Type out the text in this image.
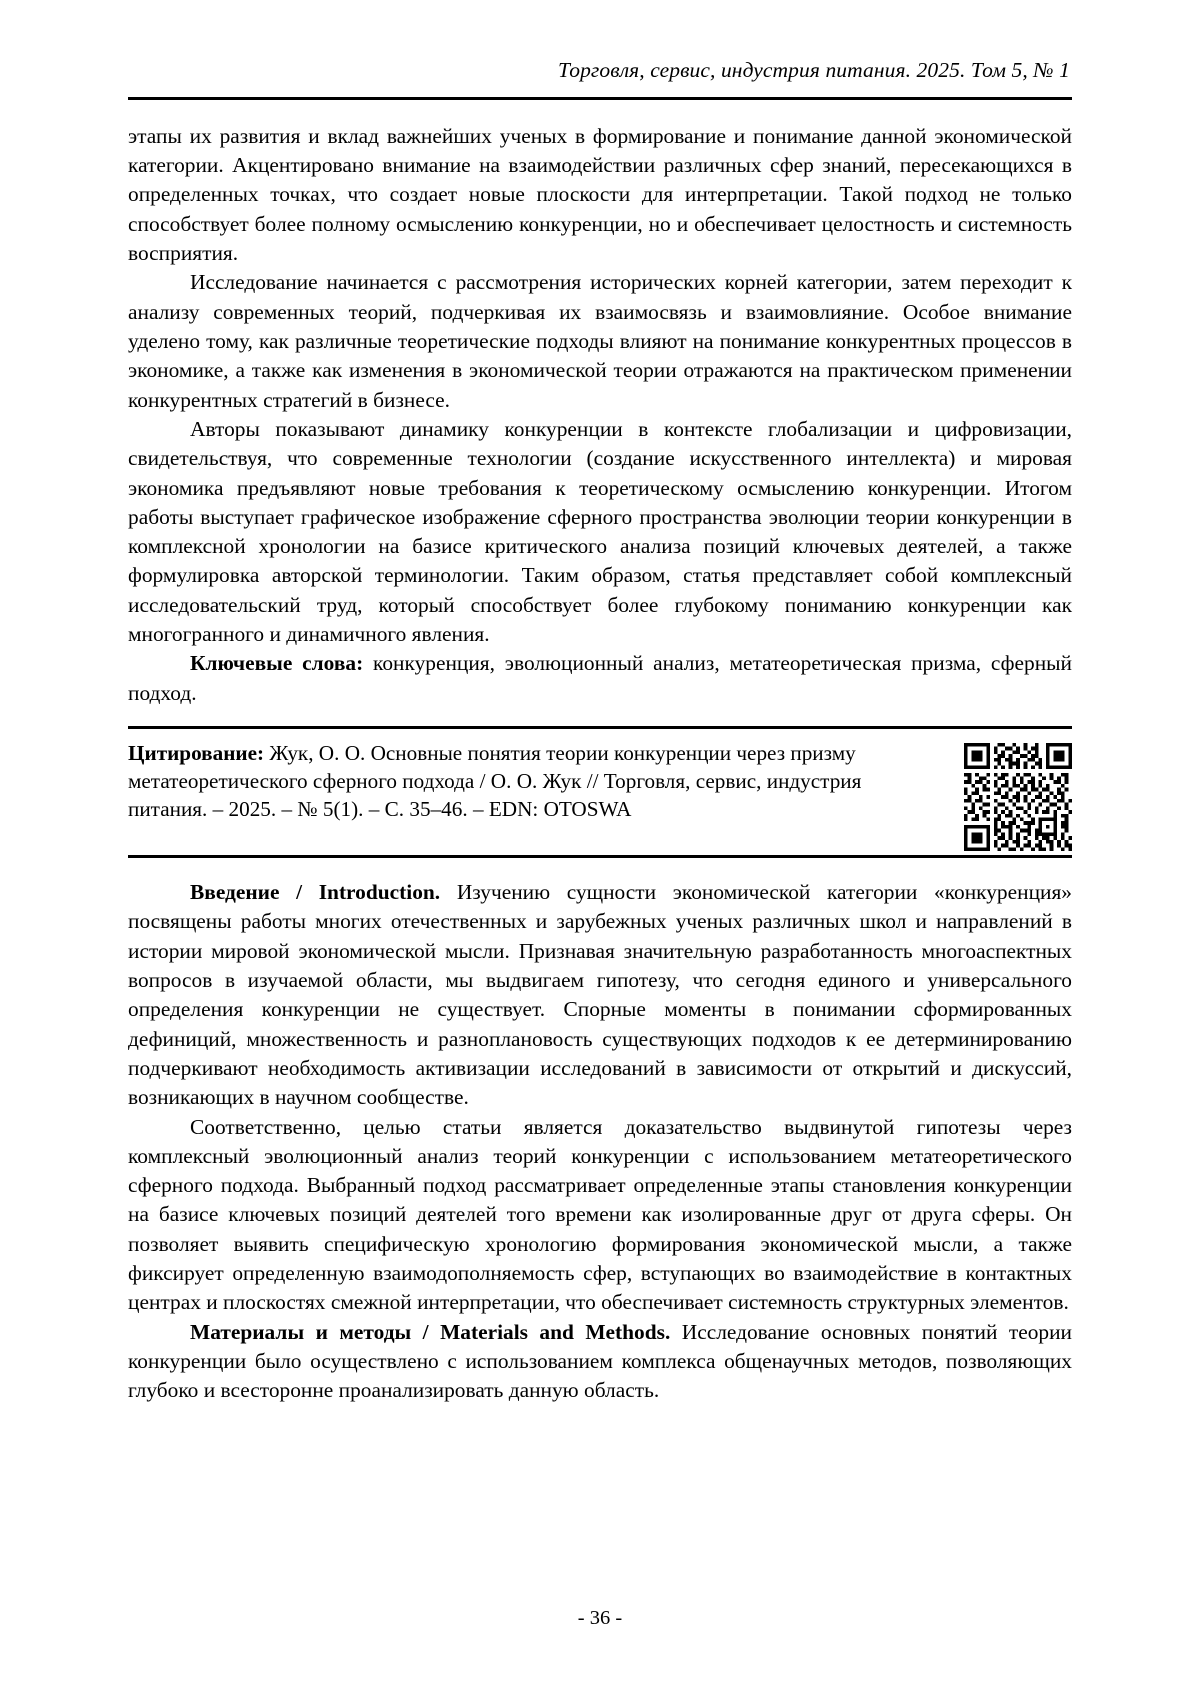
Торговля, сервис, индустрия питания. 2025. Том 5, № 1

этапы их развития и вклад важнейших ученых в формирование и понимание данной экономической категории. Акцентировано внимание на взаимодействии различных сфер знаний, пересекающихся в определенных точках, что создает новые плоскости для интерпретации. Такой подход не только способствует более полному осмыслению конкуренции, но и обеспечивает целостность и системность восприятия.

Исследование начинается с рассмотрения исторических корней категории, затем переходит к анализу современных теорий, подчеркивая их взаимосвязь и взаимовлияние. Особое внимание уделено тому, как различные теоретические подходы влияют на понимание конкурентных процессов в экономике, а также как изменения в экономической теории отражаются на практическом применении конкурентных стратегий в бизнесе.

Авторы показывают динамику конкуренции в контексте глобализации и цифровизации, свидетельствуя, что современные технологии (создание искусственного интеллекта) и мировая экономика предъявляют новые требования к теоретическому осмыслению конкуренции. Итогом работы выступает графическое изображение сферного пространства эволюции теории конкуренции в комплексной хронологии на базисе критического анализа позиций ключевых деятелей, а также формулировка авторской терминологии. Таким образом, статья представляет собой комплексный исследовательский труд, который способствует более глубокому пониманию конкуренции как многогранного и динамичного явления.

Ключевые слова: конкуренция, эволюционный анализ, метатеоретическая призма, сферный подход.

Цитирование: Жук, О. О. Основные понятия теории конкуренции через призму метатеоретического сферного подхода / О. О. Жук // Торговля, сервис, индустрия питания. – 2025. – № 5(1). – С. 35–46. – EDN: OTOSWA

Введение / Introduction. Изучению сущности экономической категории «конкуренция» посвящены работы многих отечественных и зарубежных ученых различных школ и направлений в истории мировой экономической мысли. Признавая значительную разработанность многоаспектных вопросов в изучаемой области, мы выдвигаем гипотезу, что сегодня единого и универсального определения конкуренции не существует. Спорные моменты в понимании сформированных дефиниций, множественность и разноплановость существующих подходов к ее детерминированию подчеркивают необходимость активизации исследований в зависимости от открытий и дискуссий, возникающих в научном сообществе.

Соответственно, целью статьи является доказательство выдвинутой гипотезы через комплексный эволюционный анализ теорий конкуренции с использованием метатеоретического сферного подхода. Выбранный подход рассматривает определенные этапы становления конкуренции на базисе ключевых позиций деятелей того времени как изолированные друг от друга сферы. Он позволяет выявить специфическую хронологию формирования экономической мысли, а также фиксирует определенную взаимодополняемость сфер, вступающих во взаимодействие в контактных центрах и плоскостях смежной интерпретации, что обеспечивает системность структурных элементов.

Материалы и методы / Materials and Methods. Исследование основных понятий теории конкуренции было осуществлено с использованием комплекса общенаучных методов, позволяющих глубоко и всесторонне проанализировать данную область.

- 36 -
